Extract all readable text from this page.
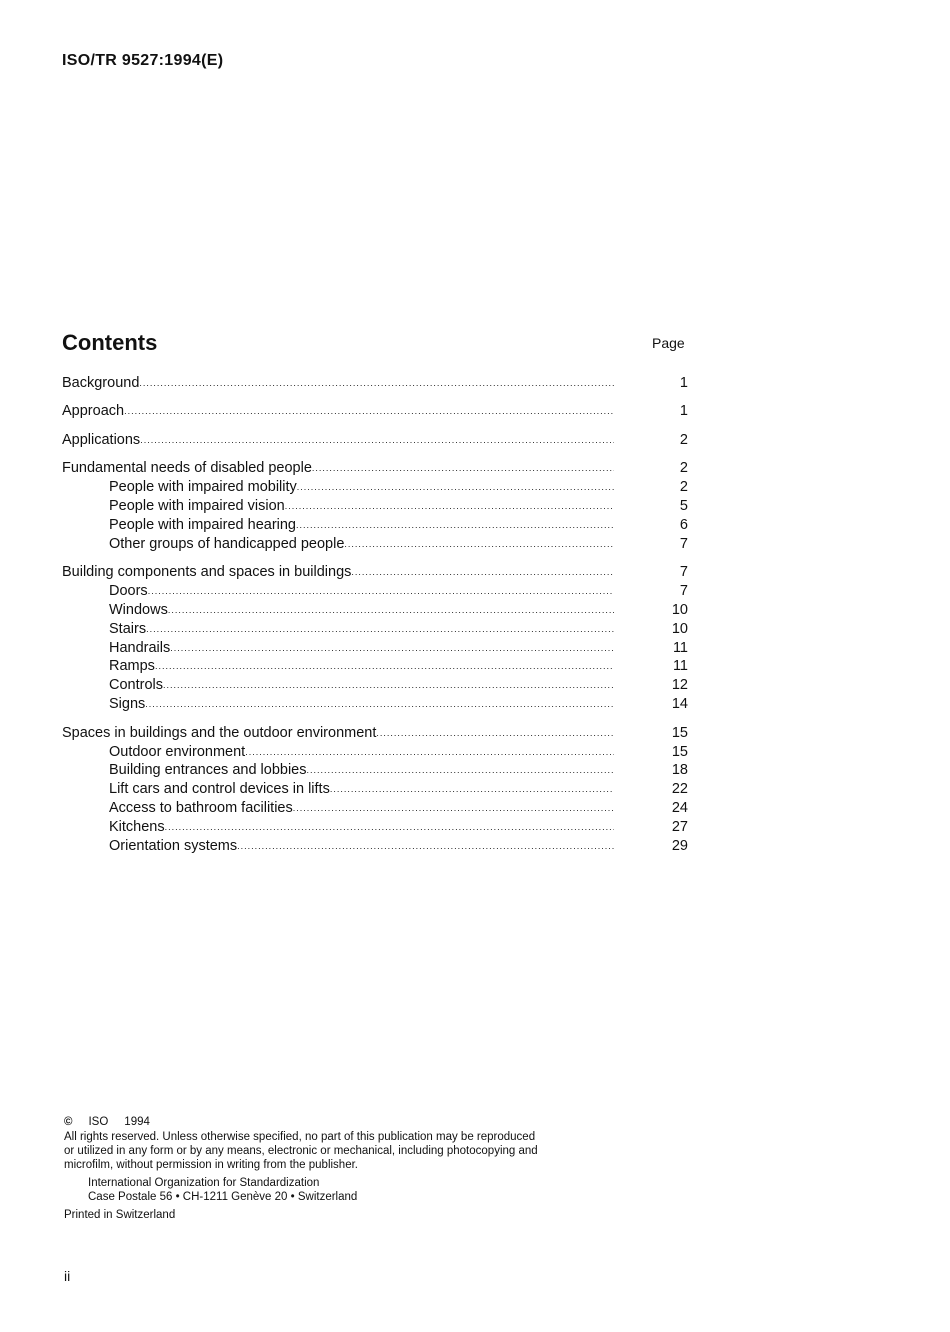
ISO/TR 9527:1994(E)
Contents	Page
Background .....	1
Approach .....	1
Applications .....	2
Fundamental needs of disabled people .....	2
People with impaired mobility .....	2
People with impaired vision .....	5
People with impaired hearing .....	6
Other groups of handicapped people .....	7
Building components and spaces in buildings .....	7
Doors .....	7
Windows .....	10
Stairs .....	10
Handrails .....	11
Ramps .....	11
Controls .....	12
Signs .....	14
Spaces in buildings and the outdoor environment .....	15
Outdoor environment .....	15
Building entrances and lobbies .....	18
Lift cars and control devices in lifts .....	22
Access to bathroom facilities .....	24
Kitchens .....	27
Orientation systems .....	29
© ISO 1994
All rights reserved. Unless otherwise specified, no part of this publication may be reproduced
or utilized in any form or by any means, electronic or mechanical, including photocopying and
microfilm, without permission in writing from the publisher.
International Organization for Standardization
Case Postale 56 • CH-1211 Genève 20 • Switzerland
Printed in Switzerland
ii
